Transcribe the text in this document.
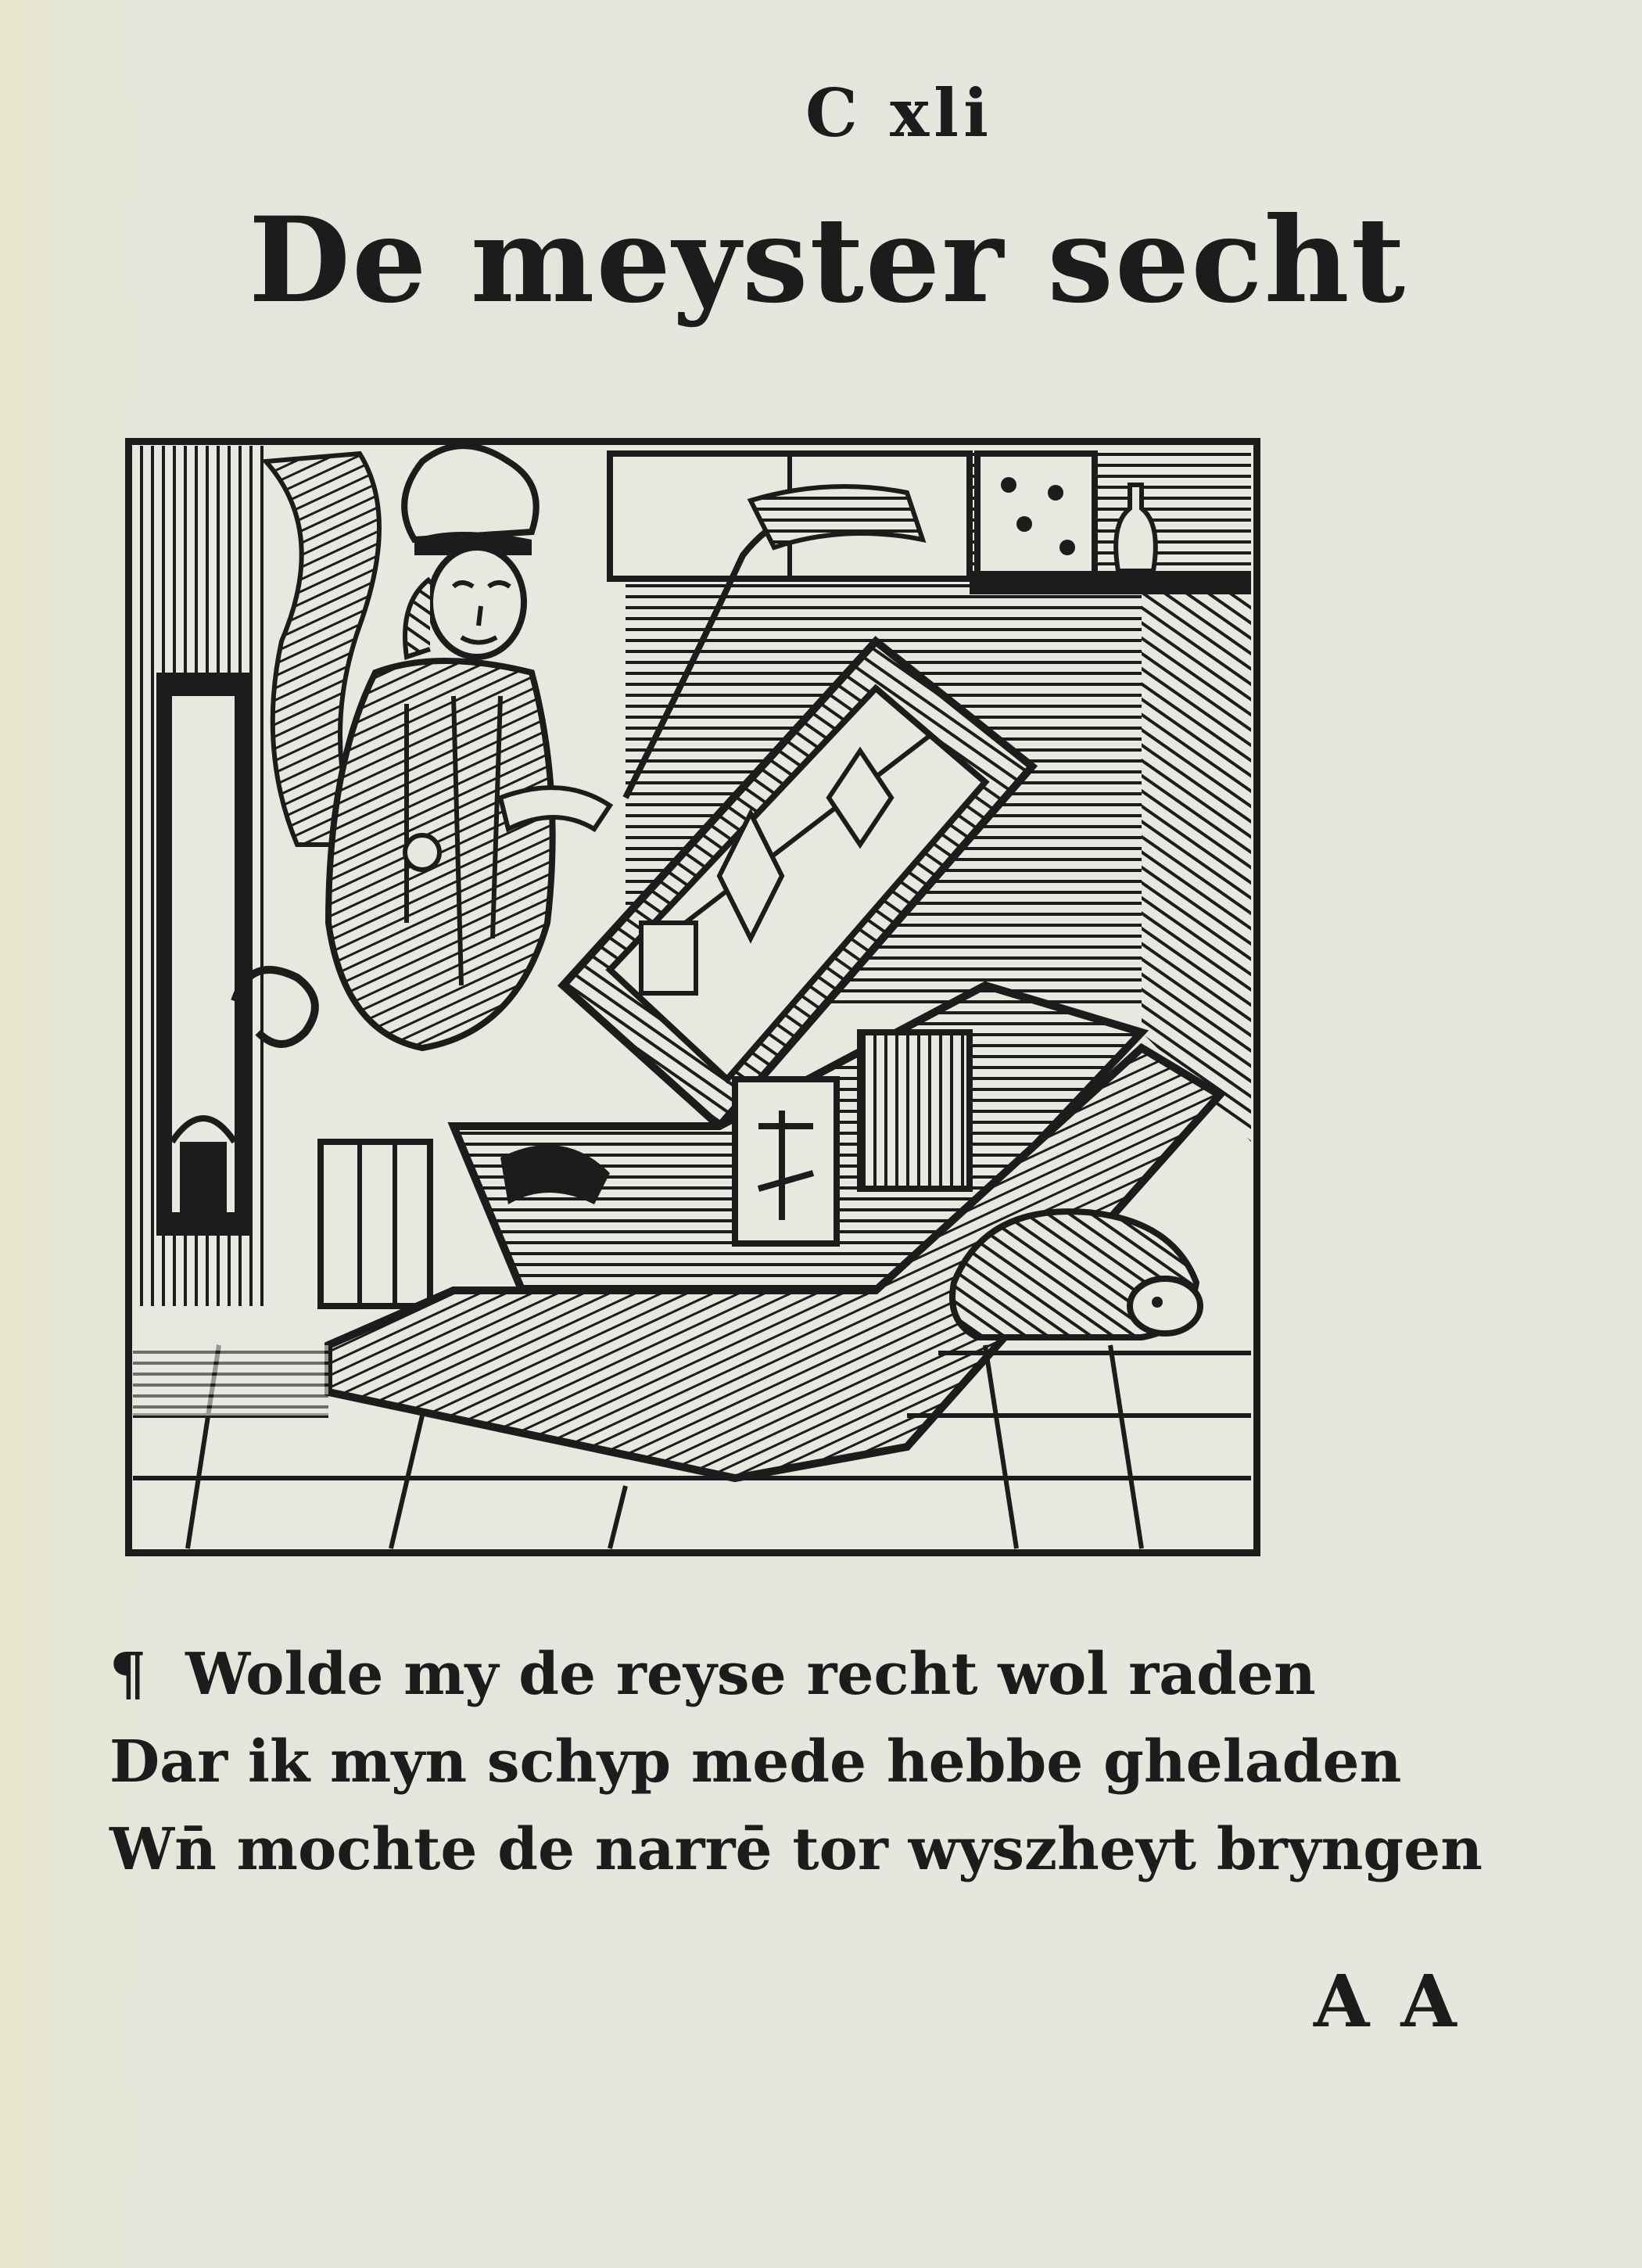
C xli
De meyster secht
¶ Wolde my de reyse recht wol raden
Dar ik myn schyp mede hebbe gheladen
Wn̄ mochte de narrē tor wyszheyt bryngen
A A
